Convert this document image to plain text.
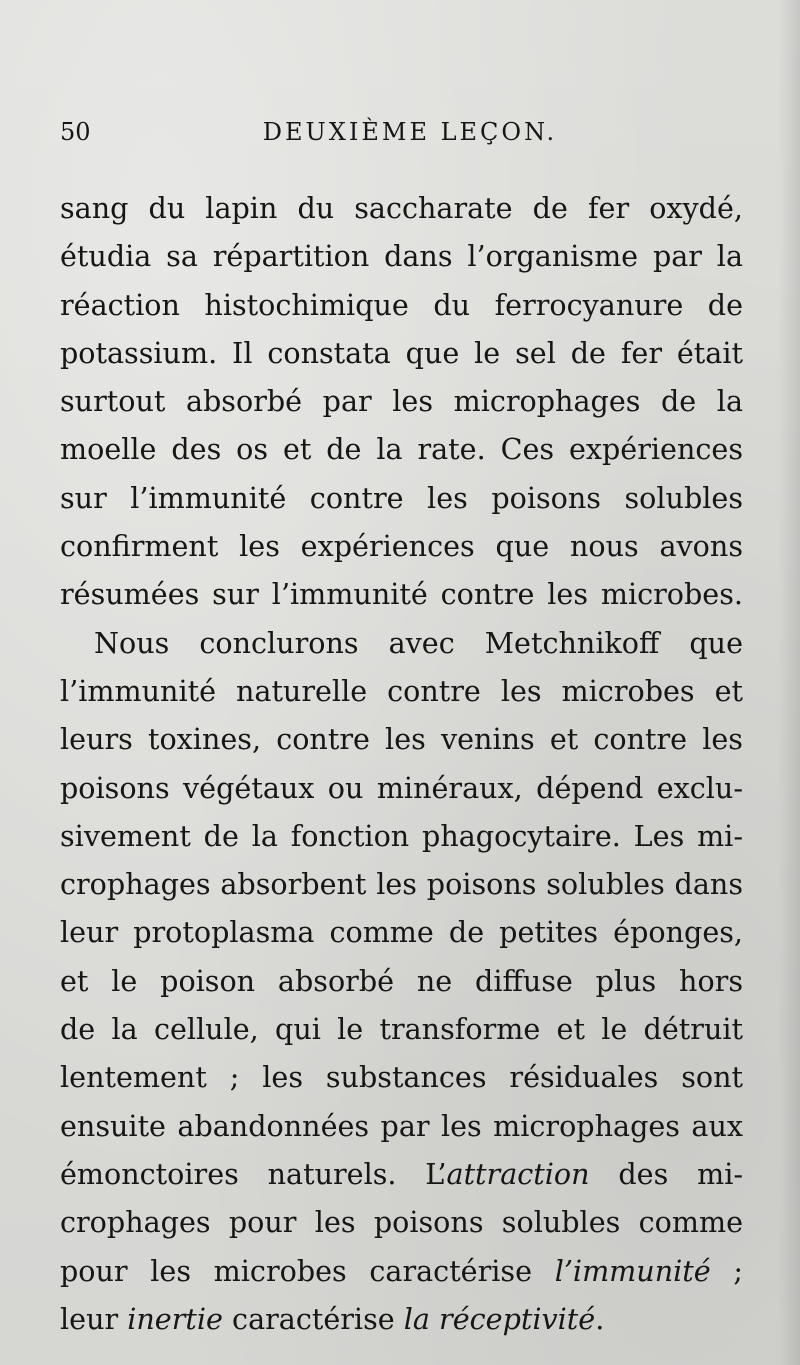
50	DEUXIÈME LEÇON.
sang du lapin du saccharate de fer oxydé,
étudia sa répartition dans l’organisme par la
réaction histochimique du ferrocyanure de
potassium. Il constata que le sel de fer était
surtout absorbé par les microphages de la
moelle des os et de la rate. Ces expériences
sur l’immunité contre les poisons solubles
confirment les expériences que nous avons
résumées sur l’immunité contre les microbes.
Nous conclurons avec Metchnikoff que
l’immunité naturelle contre les microbes et
leurs toxines, contre les venins et contre les
poisons végétaux ou minéraux, dépend exclu-
sivement de la fonction phagocytaire. Les mi-
crophages absorbent les poisons solubles dans
leur protoplasma comme de petites éponges,
et le poison absorbé ne diffuse plus hors
de la cellule, qui le transforme et le détruit
lentement ; les substances résiduales sont
ensuite abandonnées par les microphages aux
émonctoires naturels. L’attraction des mi-
crophages pour les poisons solubles comme
pour les microbes caractérise l’immunité ;
leur inertie caractérise la réceptivité.
